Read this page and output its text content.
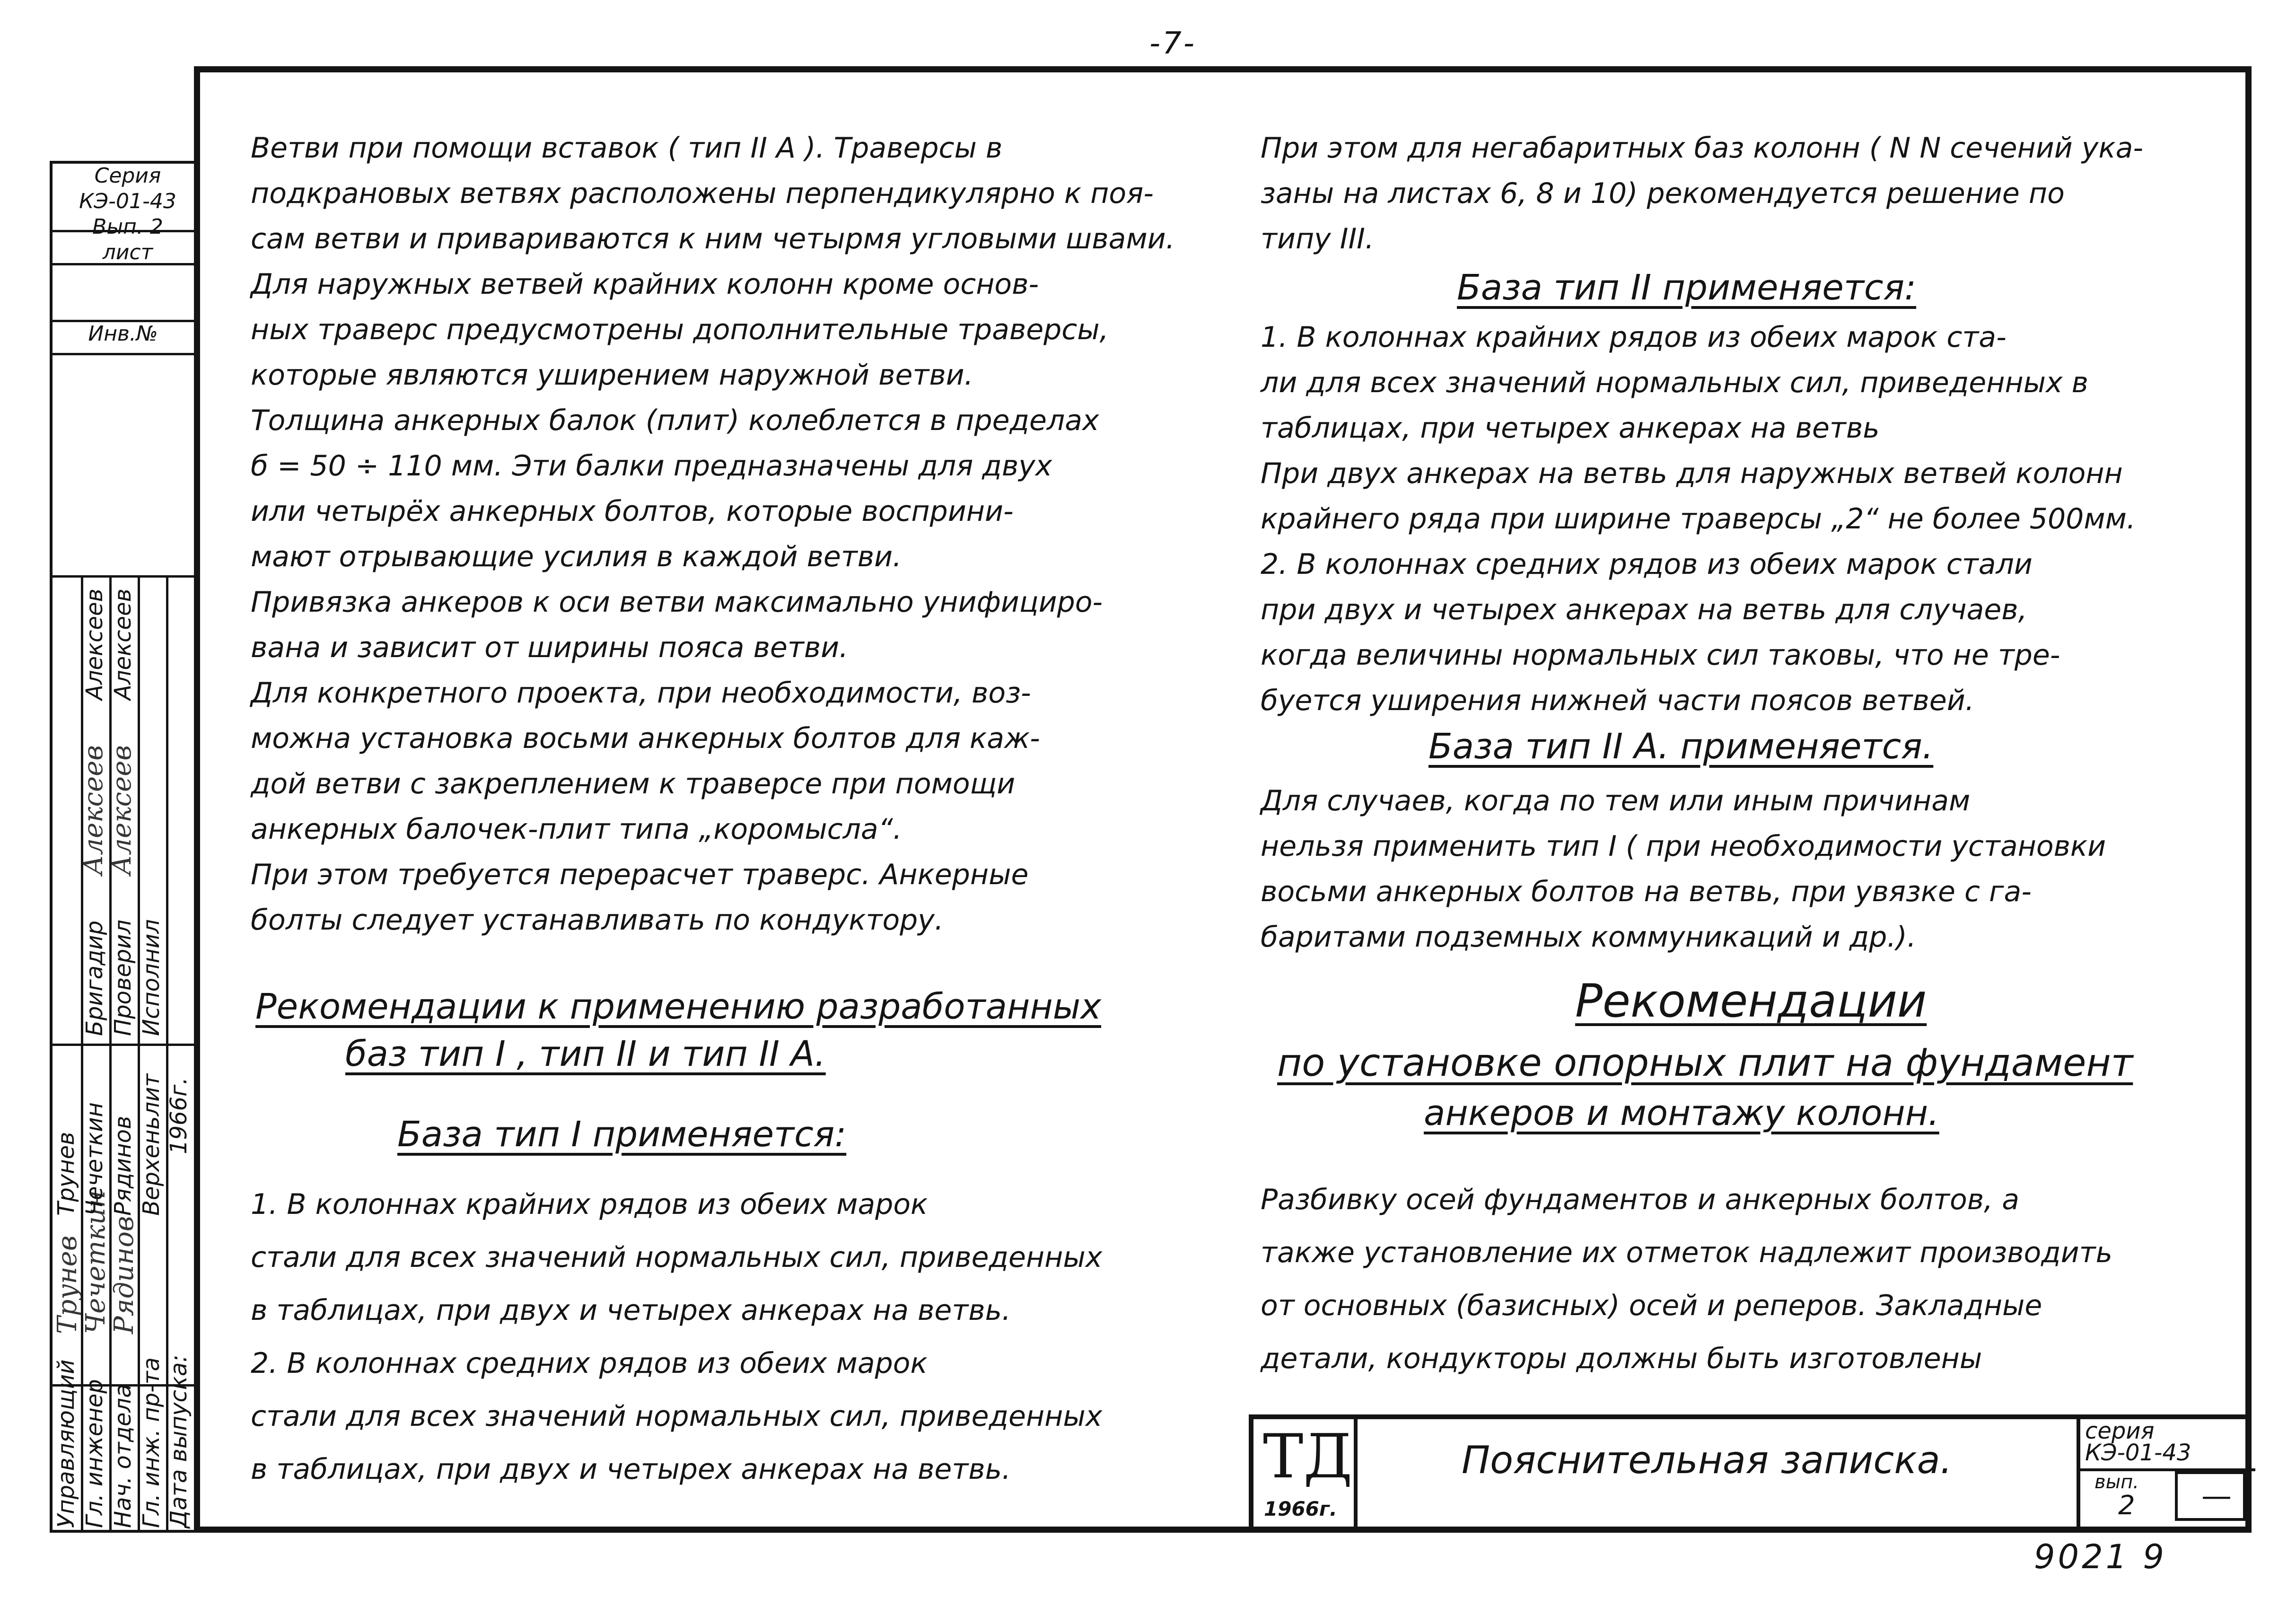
-7-
Серия
КЭ-01-43
Вып. 2
лист
Инв.№
Управляющий Гл. инженер Нач. отдела Гл. инж. пр-та Дата выпуска:
Трунев Чечеткин Рядинов Верхеньлит 1966г.
Бригадир Проверил Исполнил
Алексеев Алексеев
Алексеев
Алексеев
Трунев
Чечеткин
Рядинов

Ветви при помощи вставок ( тип II А ). Траверсы в

подкрановых ветвях расположены перпендикулярно к поя-

сам ветви и привариваются к ним четырмя угловыми швами.

Для наружных ветвей крайних колонн кроме основ-

ных траверс предусмотрены дополнительные траверсы,

которые являются уширением наружной ветви.

Толщина анкерных балок (плит) колеблется в пределах

б = 50 ÷ 110 мм. Эти балки предназначены для двух

или четырёх анкерных болтов, которые восприни-

мают отрывающие усилия в каждой ветви.

Привязка анкеров к оси ветви максимально унифициро-

вана и зависит от ширины пояса ветви.

Для конкретного проекта, при необходимости, воз-

можна установка восьми анкерных болтов для каж-

дой ветви с закреплением к траверсе при помощи

анкерных балочек-плит типа „коромысла“.

При этом требуется перерасчет траверс. Анкерные

болты следует устанавливать по кондуктору.

Рекомендации к применению разработанных
баз тип I , тип II и тип II А.
База тип I применяется:

1. В колоннах крайних рядов из обеих марок

стали для всех значений нормальных сил, приведенных

в таблицах, при двух и четырех анкерах на ветвь.

2. В колоннах средних рядов из обеих марок

стали для всех значений нормальных сил, приведенных

в таблицах, при двух и четырех анкерах на ветвь.

При этом для негабаритных баз колонн ( N N сечений ука-

заны на листах 6, 8 и 10) рекомендуется решение по

типу III.

База тип II применяется:

1. В колоннах крайних рядов из обеих марок ста-

ли для всех значений нормальных сил, приведенных в

таблицах, при четырех анкерах на ветвь

При двух анкерах на ветвь для наружных ветвей колонн

крайнего ряда при ширине траверсы „2“ не более 500мм.

2. В колоннах средних рядов из обеих марок стали

при двух и четырех анкерах на ветвь для случаев,

когда величины нормальных сил таковы, что не тре-

буется уширения нижней части поясов ветвей.

База тип II А. применяется.

Для случаев, когда по тем или иным причинам

нельзя применить тип I ( при необходимости установки

восьми анкерных болтов на ветвь, при увязке с га-

баритами подземных коммуникаций и др.).

Рекомендации
по установке опорных плит на фундамент
анкеров и монтажу колонн.

Разбивку осей фундаментов и анкерных болтов, а

также установление их отметок надлежит производить

от основных (базисных) осей и реперов. Закладные

детали, кондукторы должны быть изготовлены

ТД
1966г.
Пояснительная записка.
серия
КЭ-01-43
вып.
2 —
9021 9
